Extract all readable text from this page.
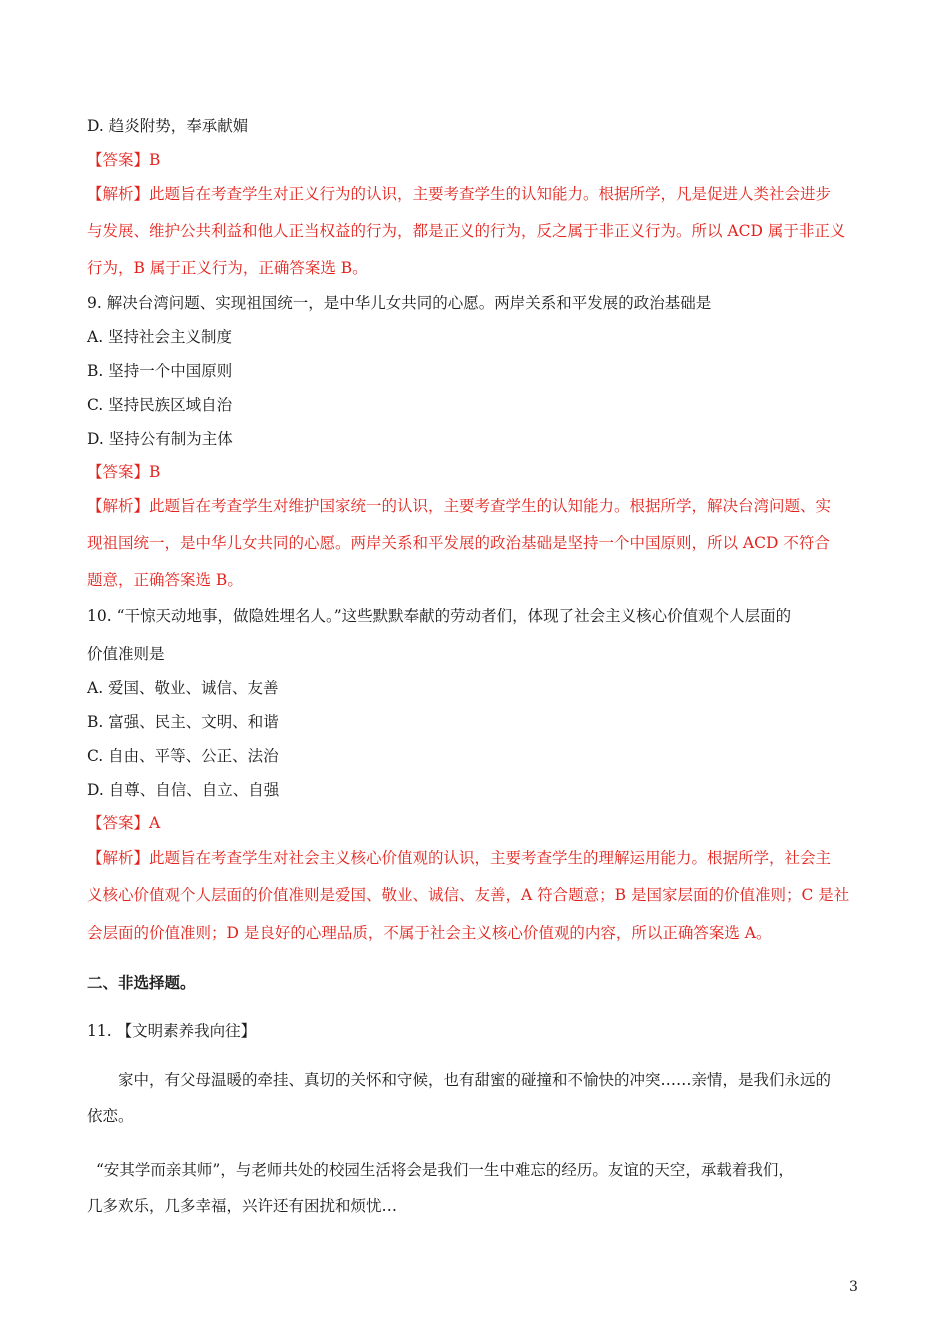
D. 趋炎附势，奉承献媚
【答案】B
【解析】此题旨在考查学生对正义行为的认识，主要考查学生的认知能力。根据所学，凡是促进人类社会进步
与发展、维护公共利益和他人正当权益的行为，都是正义的行为，反之属于非正义行为。所以 ACD 属于非正义
行为，B 属于正义行为，正确答案选 B。
9. 解决台湾问题、实现祖国统一，是中华儿女共同的心愿。两岸关系和平发展的政治基础是
A. 坚持社会主义制度
B. 坚持一个中国原则
C. 坚持民族区域自治
D. 坚持公有制为主体
【答案】B
【解析】此题旨在考查学生对维护国家统一的认识，主要考查学生的认知能力。根据所学，解决台湾问题、实
现祖国统一，是中华儿女共同的心愿。两岸关系和平发展的政治基础是坚持一个中国原则，所以 ACD 不符合
题意，正确答案选 B。
10. “干惊天动地事，做隐姓埋名人。”这些默默奉献的劳动者们，体现了社会主义核心价值观个人层面的
价值准则是
A. 爱国、敬业、诚信、友善
B. 富强、民主、文明、和谐
C. 自由、平等、公正、法治
D. 自尊、自信、自立、自强
【答案】A
【解析】此题旨在考查学生对社会主义核心价值观的认识，主要考查学生的理解运用能力。根据所学，社会主
义核心价值观个人层面的价值准则是爱国、敬业、诚信、友善，A 符合题意；B 是国家层面的价值准则；C 是社
会层面的价值准则；D 是良好的心理品质，不属于社会主义核心价值观的内容，所以正确答案选 A。
二、非选择题。
11. 【文明素养我向往】
家中，有父母温暖的牵挂、真切的关怀和守候，也有甜蜜的碰撞和不愉快的冲突……亲情，是我们永远的
依恋。
“安其学而亲其师”，与老师共处的校园生活将会是我们一生中难忘的经历。友谊的天空，承载着我们，
几多欢乐，几多幸福，兴许还有困扰和烦忧…
3
